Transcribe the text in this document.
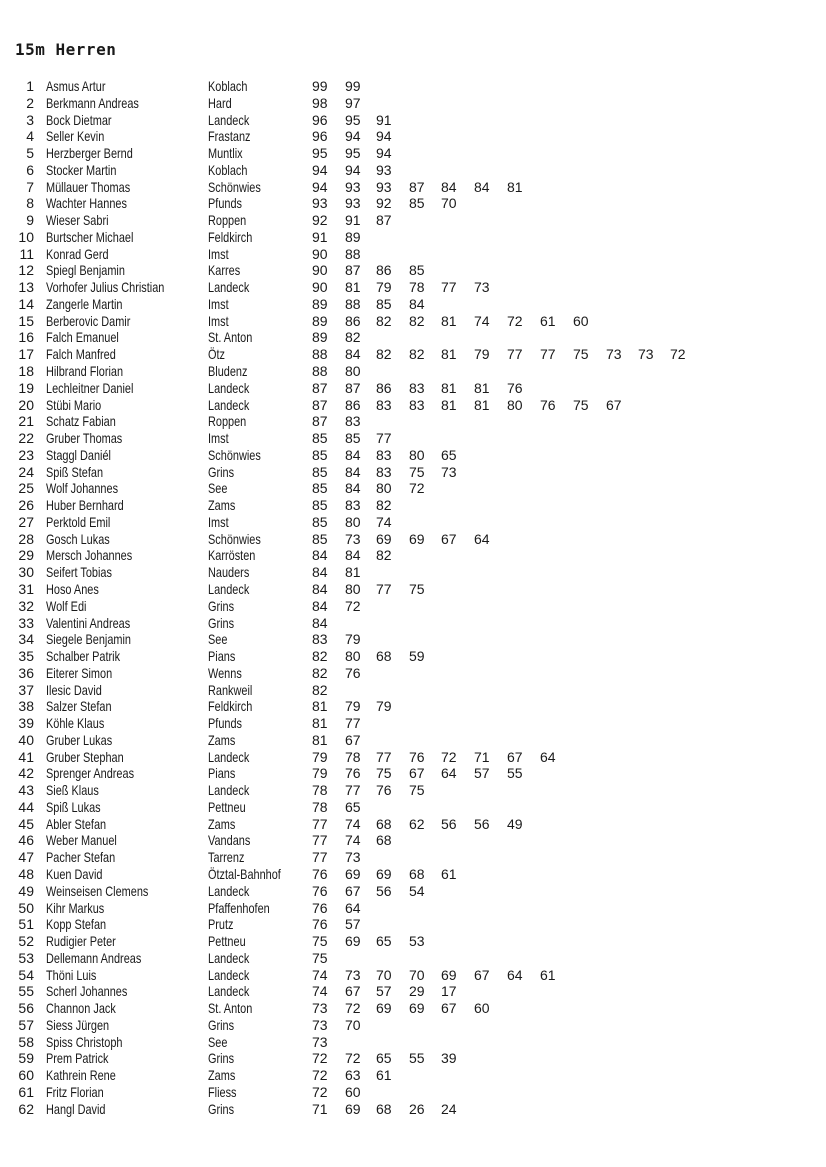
15m Herren
1 Asmus Artur	Koblach	99	99
2 Berkmann Andreas	Hard	98	97
3 Bock Dietmar	Landeck	96	95	91
4 Seller Kevin	Frastanz	96	94	94
5 Herzberger Bernd	Muntlix	95	95	94
6 Stocker Martin	Koblach	94	94	93
7 Müllauer Thomas	Schönwies	94	93	93	87	84	84	81
8 Wachter Hannes	Pfunds	93	93	92	85	70
9 Wieser Sabri	Roppen	92	91	87
10 Burtscher Michael	Feldkirch	91	89
11 Konrad Gerd	Imst	90	88
12 Spiegl Benjamin	Karres	90	87	86	85
13 Vorhofer Julius Christian	Landeck	90	81	79	78	77	73
14 Zangerle Martin	Imst	89	88	85	84
15 Berberovic Damir	Imst	89	86	82	82	81	74	72	61	60
16 Falch Emanuel	St. Anton	89	82
17 Falch Manfred	Ötz	88	84	82	82	81	79	77	77	75	73	73	72
18 Hilbrand Florian	Bludenz	88	80
19 Lechleitner Daniel	Landeck	87	87	86	83	81	81	76
20 Stübi Mario	Landeck	87	86	83	83	81	81	80	76	75	67
21 Schatz Fabian	Roppen	87	83
22 Gruber Thomas	Imst	85	85	77
23 Staggl Daniél	Schönwies	85	84	83	80	65
24 Spiß Stefan	Grins	85	84	83	75	73
25 Wolf Johannes	See	85	84	80	72
26 Huber Bernhard	Zams	85	83	82
27 Perktold Emil	Imst	85	80	74
28 Gosch Lukas	Schönwies	85	73	69	69	67	64
29 Mersch Johannes	Karrösten	84	84	82
30 Seifert Tobias	Nauders	84	81
31 Hoso Anes	Landeck	84	80	77	75
32 Wolf Edi	Grins	84	72
33 Valentini Andreas	Grins	84
34 Siegele Benjamin	See	83	79
35 Schalber Patrik	Pians	82	80	68	59
36 Eiterer Simon	Wenns	82	76
37 Ilesic David	Rankweil	82
38 Salzer Stefan	Feldkirch	81	79	79
39 Köhle Klaus	Pfunds	81	77
40 Gruber Lukas	Zams	81	67
41 Gruber Stephan	Landeck	79	78	77	76	72	71	67	64
42 Sprenger Andreas	Pians	79	76	75	67	64	57	55
43 Sieß Klaus	Landeck	78	77	76	75
44 Spiß Lukas	Pettneu	78	65
45 Abler Stefan	Zams	77	74	68	62	56	56	49
46 Weber Manuel	Vandans	77	74	68
47 Pacher Stefan	Tarrenz	77	73
48 Kuen David	Ötztal-Bahnhof 76	69	69	68	61
49 Weinseisen Clemens	Landeck	76	67	56	54
50 Kihr Markus	Pfaffenhofen	76	64
51 Kopp Stefan	Prutz	76	57
52 Rudigier Peter	Pettneu	75	69	65	53
53 Dellemann Andreas	Landeck	75
54 Thöni Luis	Landeck	74	73	70	70	69	67	64	61
55 Scherl Johannes	Landeck	74	67	57	29	17
56 Channon Jack	St. Anton	73	72	69	69	67	60
57 Siess Jürgen	Grins	73	70
58 Spiss Christoph	See	73
59 Prem Patrick	Grins	72	72	65	55	39
60 Kathrein Rene	Zams	72	63	61
61 Fritz Florian	Fliess	72	60
62 Hangl David	Grins	71	69	68	26	24
